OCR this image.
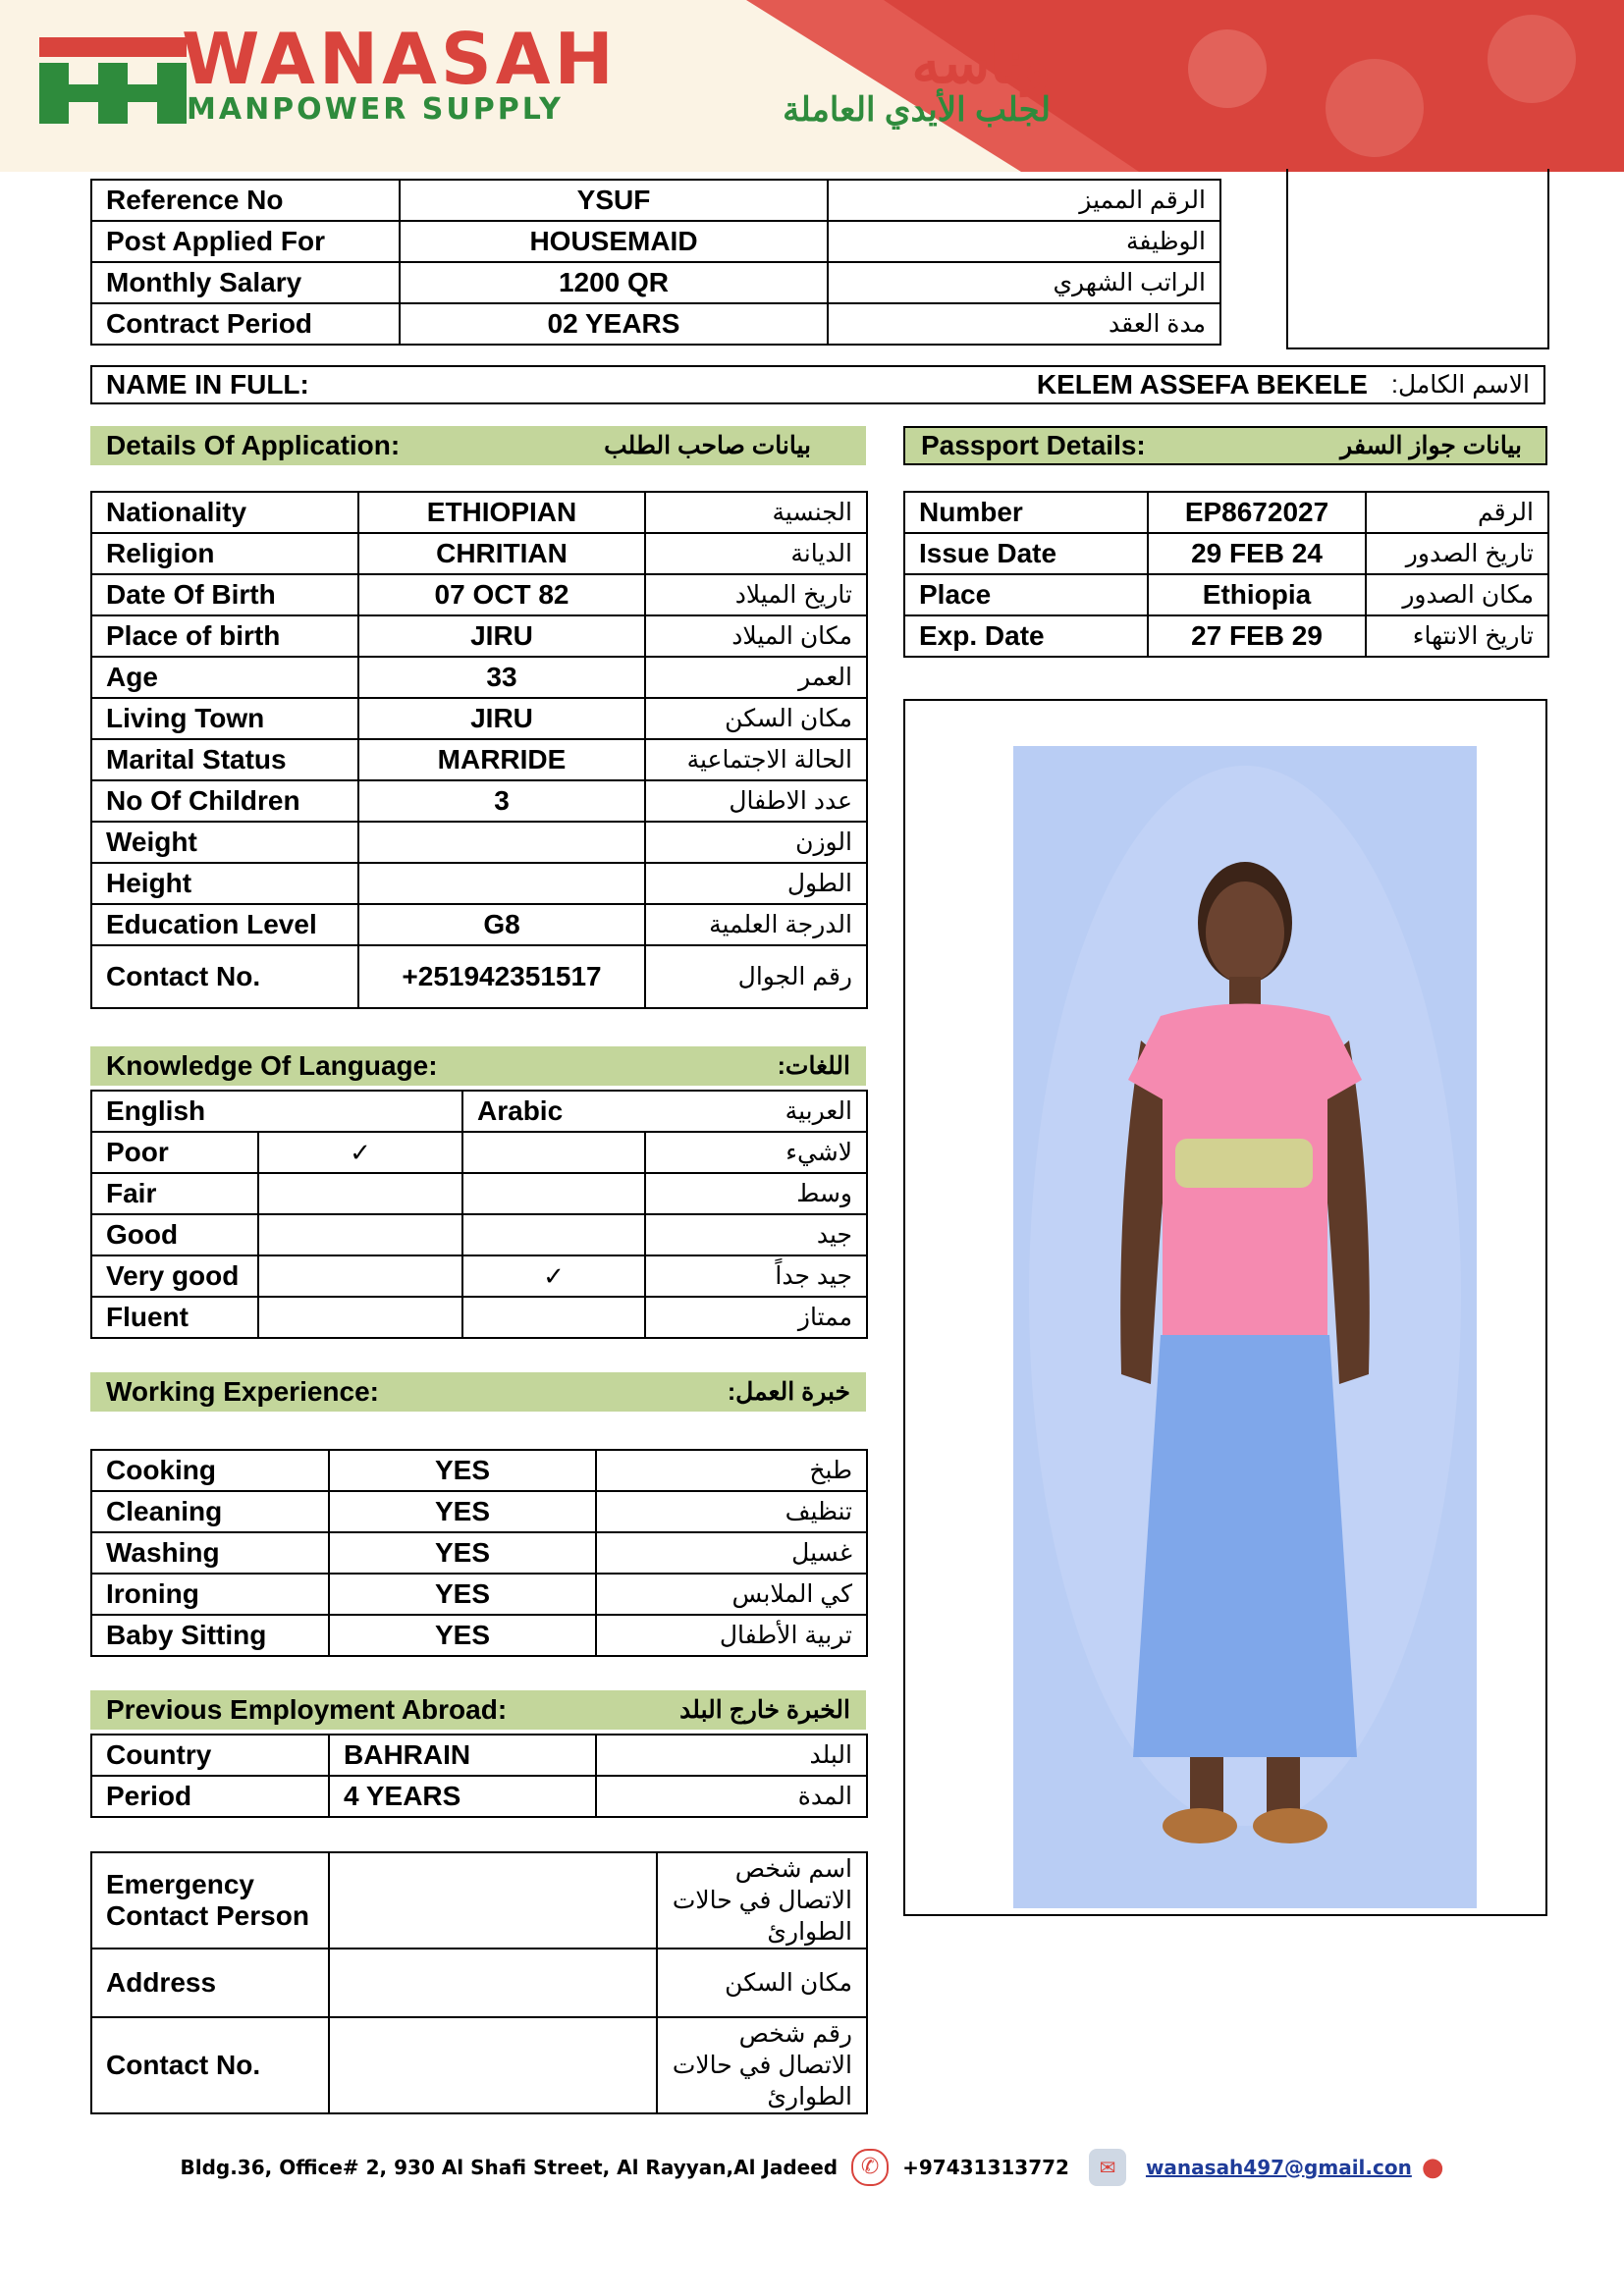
WANASAH	وناسه
MANPOWER SUPPLY	لجلب الأيدي العاملة
Reference No	YSUF	الرقم المميز
Post Applied For	HOUSEMAID	الوظيفة
Monthly Salary	1200 QR	الراتب الشهري
Contract Period	02 YEARS	مدة العقد
NAME IN FULL:	KELEM ASSEFA BEKELE الاسم الكامل:
Details Of Application:	بيانات صاحب الطلب
Nationality	ETHIOPIAN	الجنسية
Religion	CHRITIAN	الديانة
Date Of Birth	07 OCT 82	تاريخ الميلاد
Place of birth	JIRU	مكان الميلاد
Age	33	العمر
Living Town	JIRU	مكان السكن
Marital Status	MARRIDE	الحالة الاجتماعية
No Of Children	3	عدد الاطفال
Weight		الوزن
Height		الطول
Education Level	G8	الدرجة العلمية
Contact No.	+251942351517	رقم الجوال
Passport Details:	بيانات جواز السفر
Number	EP8672027	الرقم
Issue Date	29 FEB 24	تاريخ الصدور
Place	Ethiopia	مكان الصدور
Exp. Date	27 FEB 29	تاريخ الانتهاء
Knowledge Of Language:	اللغات:
English		Arabic	العربية
Poor	✓		لاشيء
Fair			وسط
Good			جيد
Very good		✓	جيد جداً
Fluent			ممتاز
Working Experience:	خبرة العمل:
Cooking	YES	طبخ
Cleaning	YES	تنظيف
Washing	YES	غسيل
Ironing	YES	كي الملابس
Baby Sitting	YES	تربية الأطفال
Previous Employment Abroad:	الخبرة خارج البلد
Country	BAHRAIN	البلد
Period	4 YEARS	المدة
Emergency Contact Person		اسم شخص الاتصال في حالات الطوارئ
Address		مكان السكن
Contact No.		رقم شخص الاتصال في حالات الطوارئ
Bldg.36, Office# 2, 930 Al Shafi Street, Al Rayyan,Al Jadeed	✆	+97431313772	✉	wanasah497@gmail.con ●
